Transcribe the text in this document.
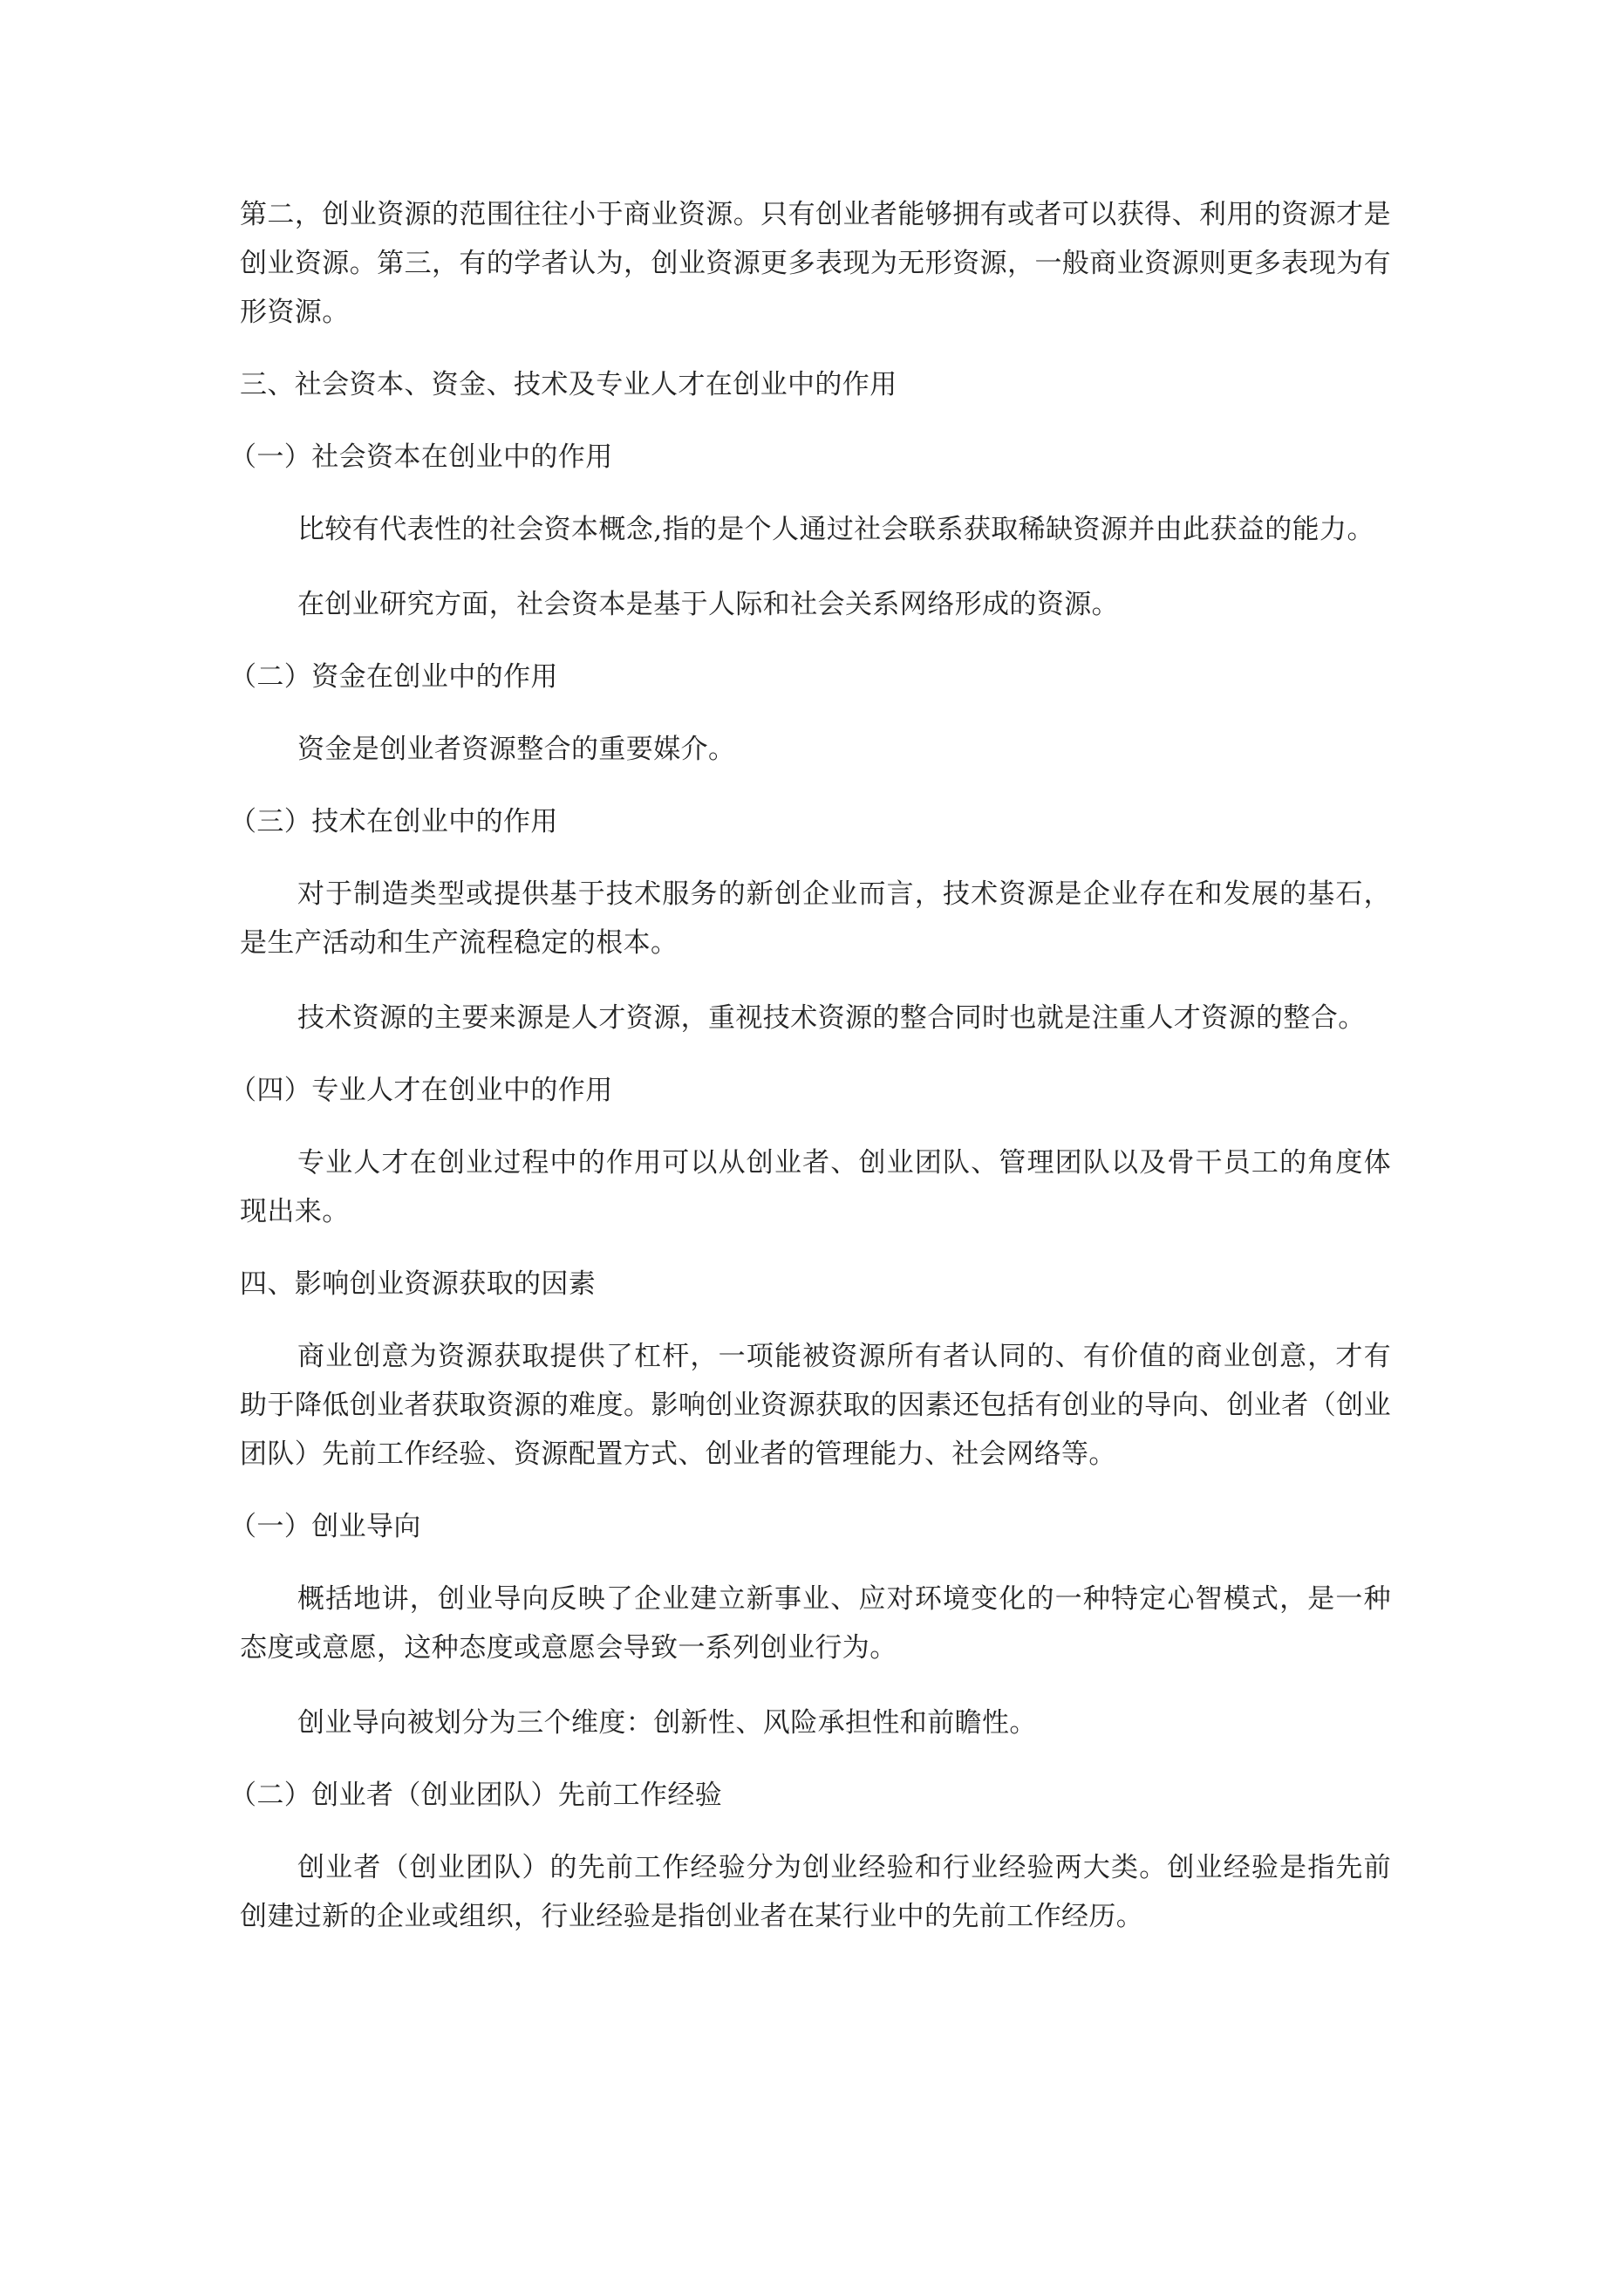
第二，创业资源的范围往往小于商业资源。只有创业者能够拥有或者可以获得、利用的资源才是创业资源。第三，有的学者认为，创业资源更多表现为无形资源，一般商业资源则更多表现为有形资源。

三、社会资本、资金、技术及专业人才在创业中的作用

（一）社会资本在创业中的作用

比较有代表性的社会资本概念,指的是个人通过社会联系获取稀缺资源并由此获益的能力。

在创业研究方面，社会资本是基于人际和社会关系网络形成的资源。

（二）资金在创业中的作用

资金是创业者资源整合的重要媒介。

（三）技术在创业中的作用

对于制造类型或提供基于技术服务的新创企业而言，技术资源是企业存在和发展的基石，是生产活动和生产流程稳定的根本。

技术资源的主要来源是人才资源，重视技术资源的整合同时也就是注重人才资源的整合。

（四）专业人才在创业中的作用

专业人才在创业过程中的作用可以从创业者、创业团队、管理团队以及骨干员工的角度体现出来。

四、影响创业资源获取的因素

商业创意为资源获取提供了杠杆，一项能被资源所有者认同的、有价值的商业创意，才有助于降低创业者获取资源的难度。影响创业资源获取的因素还包括有创业的导向、创业者（创业团队）先前工作经验、资源配置方式、创业者的管理能力、社会网络等。

（一）创业导向

概括地讲，创业导向反映了企业建立新事业、应对环境变化的一种特定心智模式，是一种态度或意愿，这种态度或意愿会导致一系列创业行为。

创业导向被划分为三个维度：创新性、风险承担性和前瞻性。

（二）创业者（创业团队）先前工作经验

创业者（创业团队）的先前工作经验分为创业经验和行业经验两大类。创业经验是指先前创建过新的企业或组织，行业经验是指创业者在某行业中的先前工作经历。
